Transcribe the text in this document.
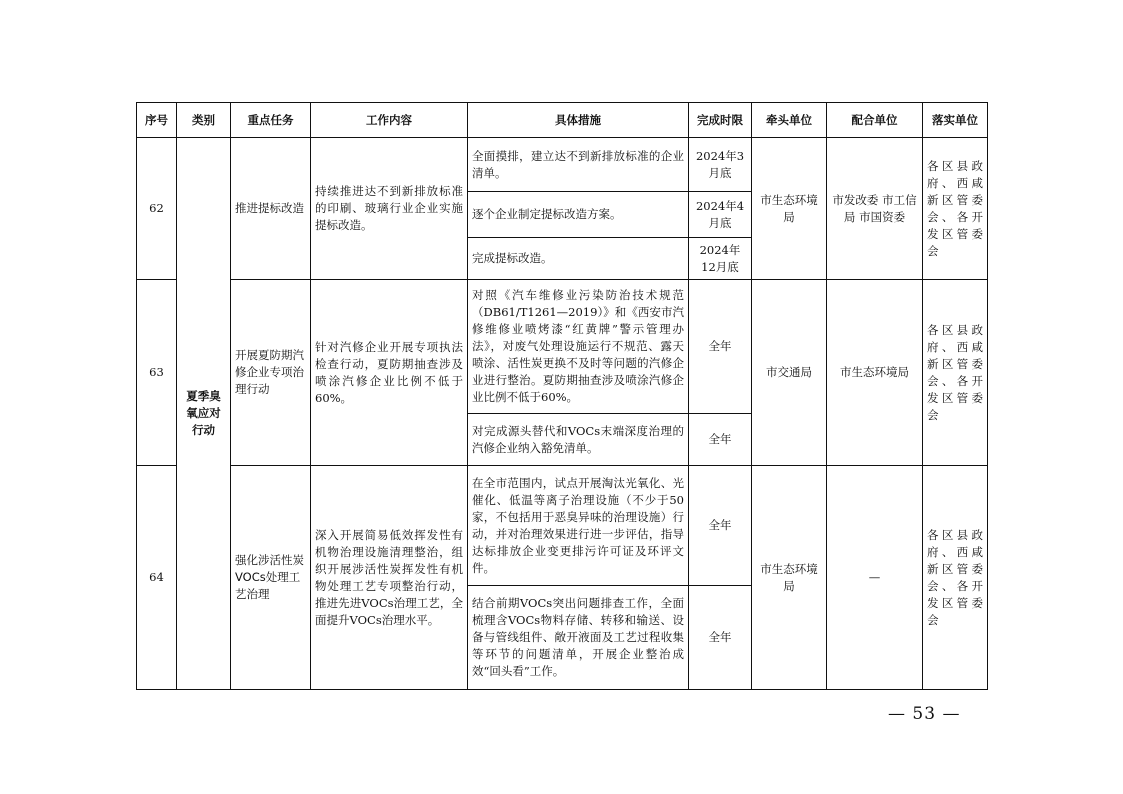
序号	类别	重点任务	工作内容	具体措施	完成时限	牵头单位	配合单位	落实单位
62	夏季臭氧应对行动	推进提标改造	持续推进达不到新排放标准的印刷、玻璃行业企业实施提标改造。	全面摸排，建立达不到新排放标准的企业清单。	2024年3月底	市生态环境局	市发改委 市工信局 市国资委	各区县政府、西咸新区管委会、各开发区管委会
				逐个企业制定提标改造方案。	2024年4月底			
				完成提标改造。	2024年12月底			
63		开展夏防期汽修企业专项治理行动	针对汽修企业开展专项执法检查行动，夏防期抽查涉及喷涂汽修企业比例不低于60%。	对照《汽车维修业污染防治技术规范（DB61/T1261—2019）》和《西安市汽修维修业喷烤漆“红黄牌”警示管理办法》，对废气处理设施运行不规范、露天喷涂、活性炭更换不及时等问题的汽修企业进行整治。夏防期抽查涉及喷涂汽修企业比例不低于60%。	全年	市交通局	市生态环境局	各区县政府、西咸新区管委会、各开发区管委会
				对完成源头替代和VOCs末端深度治理的汽修企业纳入豁免清单。	全年			
64		强化涉活性炭VOCs处理工艺治理	深入开展简易低效挥发性有机物治理设施清理整治，组织开展涉活性炭挥发性有机物处理工艺专项整治行动，推进先进VOCs治理工艺，全面提升VOCs治理水平。	在全市范围内，试点开展淘汰光氧化、光催化、低温等离子治理设施（不少于50家，不包括用于恶臭异味的治理设施）行动，并对治理效果进行进一步评估，指导达标排放企业变更排污许可证及环评文件。	全年	市生态环境局	—	各区县政府、西咸新区管委会、各开发区管委会
				结合前期VOCs突出问题排查工作，全面梳理含VOCs物料存储、转移和输送、设备与管线组件、敞开液面及工艺过程收集等环节的问题清单，开展企业整治成效“回头看”工作。	全年			
— 53 —
